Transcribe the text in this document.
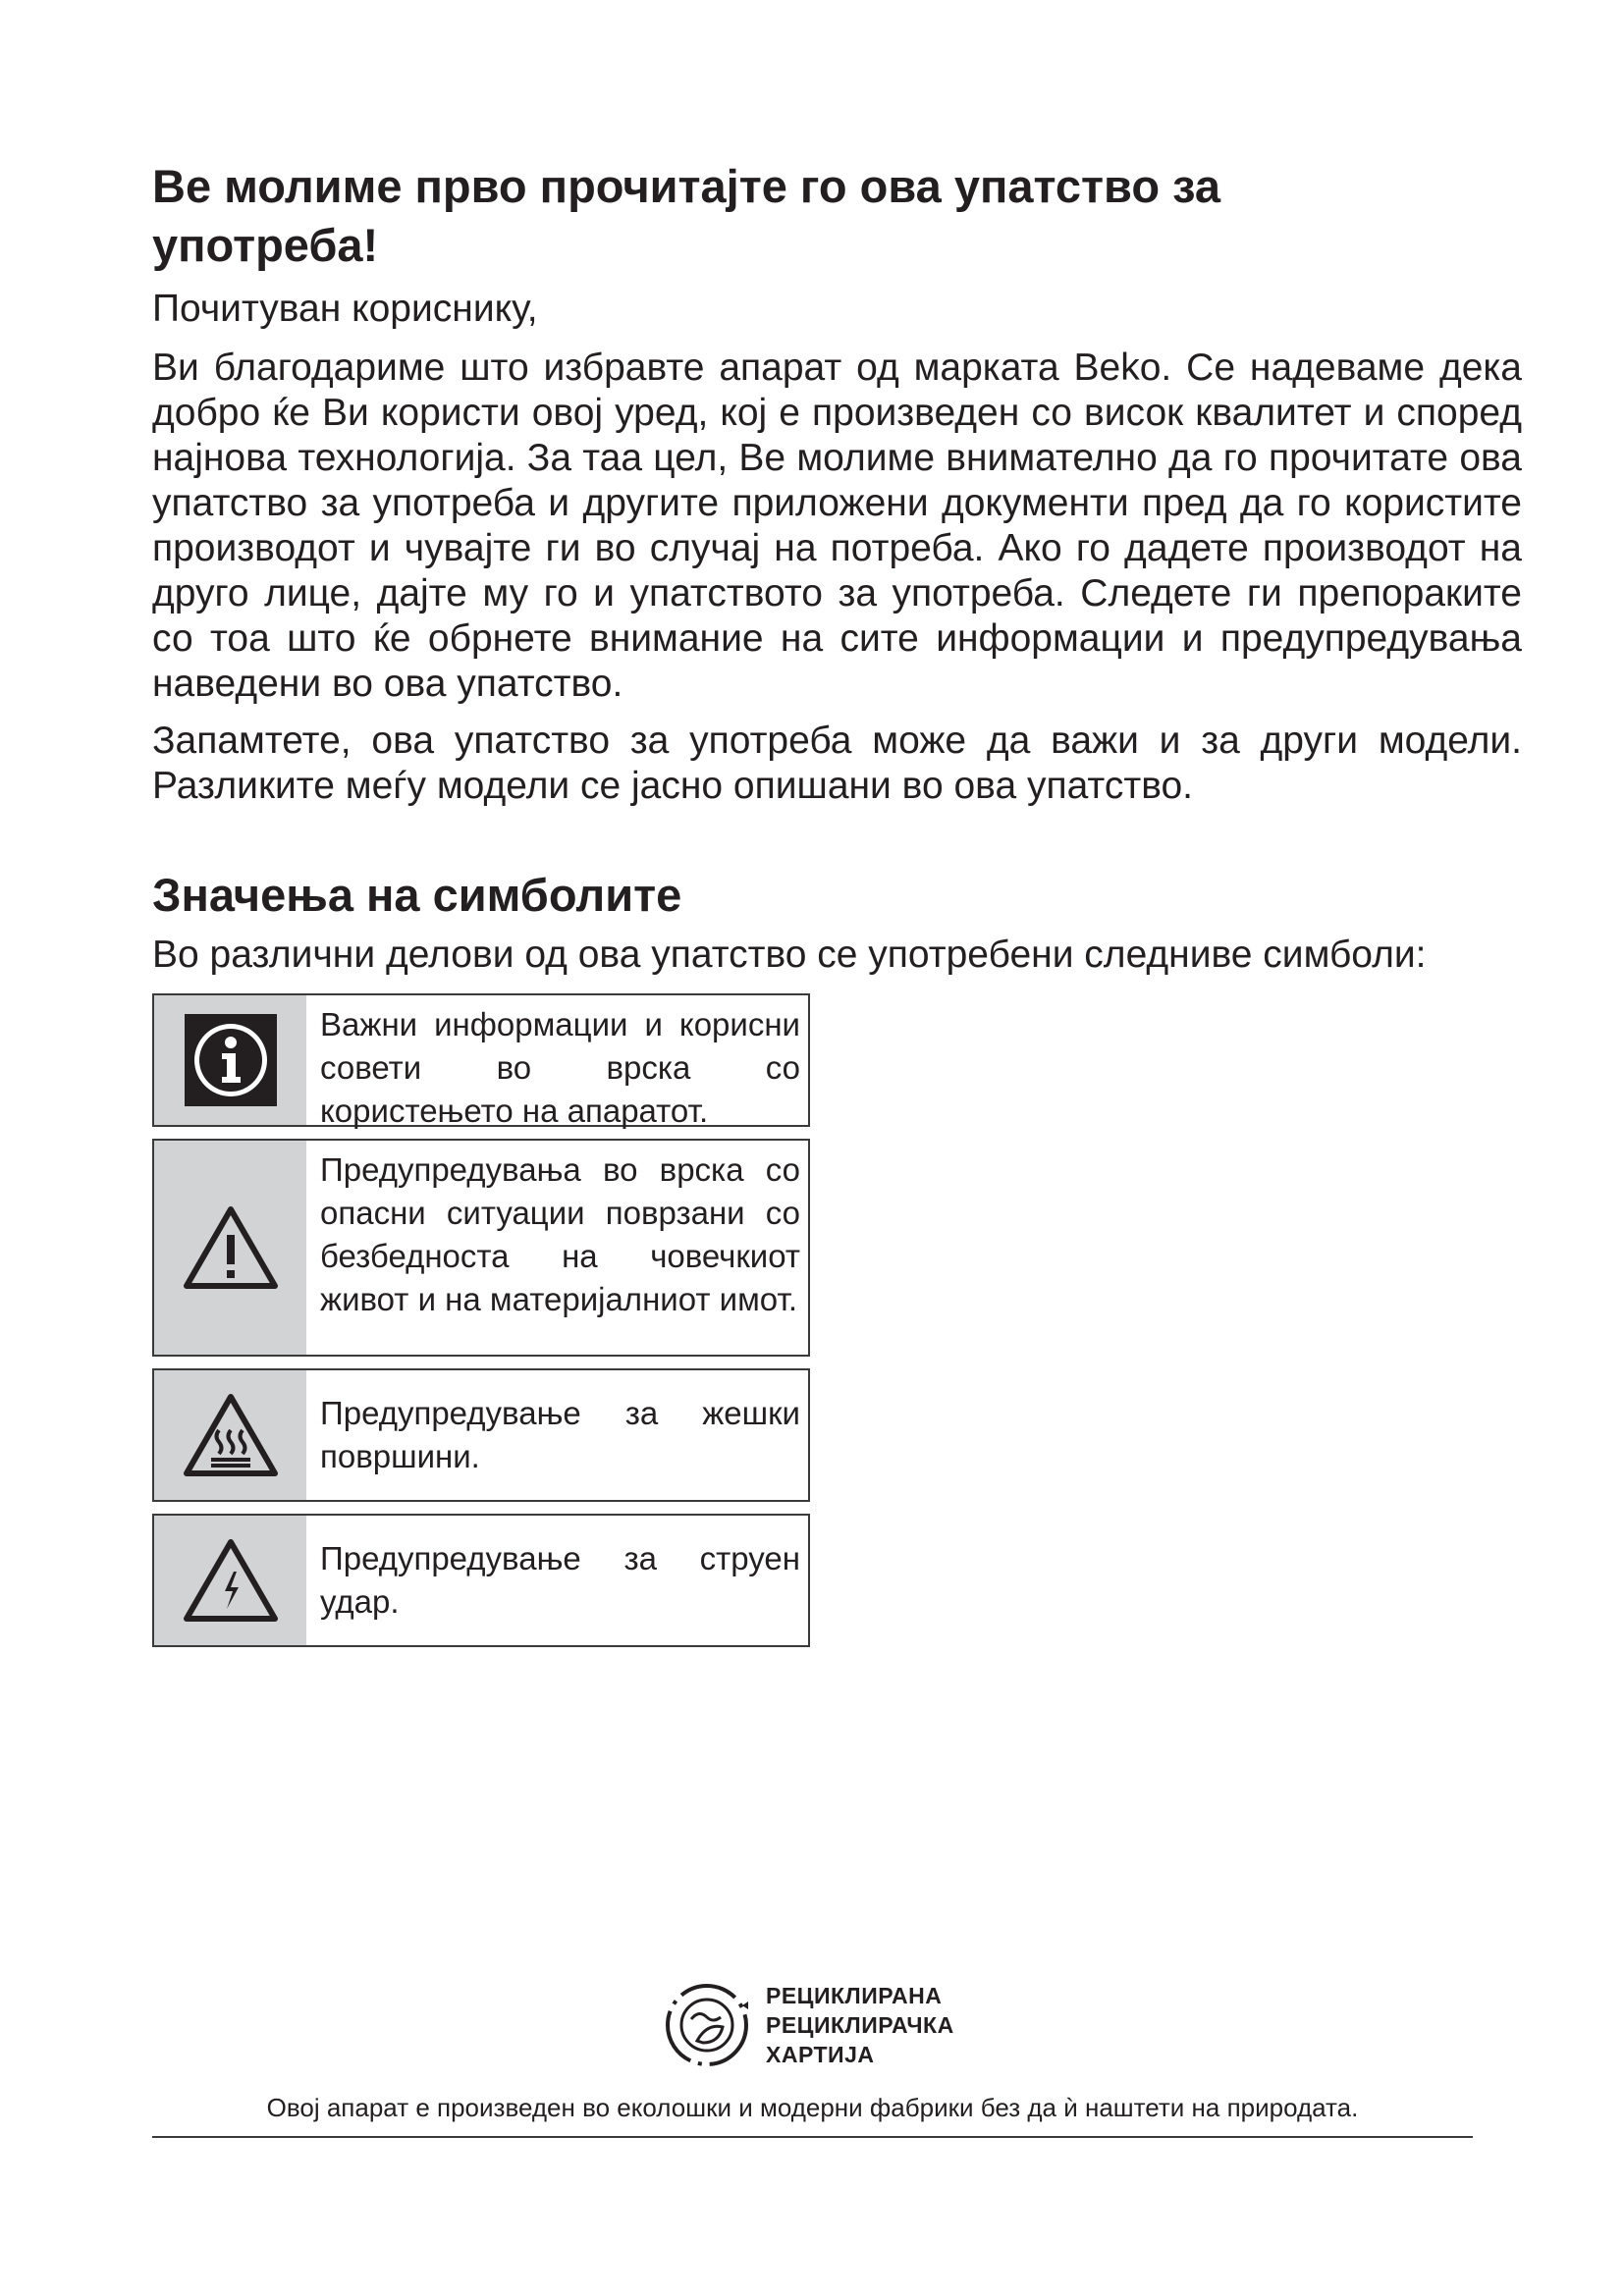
Ве молиме прво прочитајте го ова упатство за употреба!

Почитуван кориснику,

Ви благодариме што избравте апарат од марката Beko. Се надеваме дека добро ќе Ви користи овој уред, кој е произведен со висок квалитет и според најнова технологија. За таа цел, Ве молиме внимателно да го прочитате ова упатство за употреба и другите приложени документи пред да го користите производот и чувајте ги во случај на потреба. Ако го дадете производот на друго лице, дајте му го и упатството за употреба. Следете ги препораките со тоа што ќе обрнете внимание на сите информации и предупредувања наведени во ова упатство.

Запамтете, ова упатство за употреба може да важи и за други модели. Разликите меѓу модели се јасно опишани во ова упатство.

Значења на симболите

Во различни делови од ова упатство се употребени следниве симболи:

Важни информации и корисни совети во врска со користењето на апаратот.
Предупредувања во врска со опасни ситуации поврзани со безбедноста на човечкиот живот и на материјалниот имот.
Предупредување за жешки површини.
Предупредување за струен удар.
РЕЦИКЛИРАНА
РЕЦИКЛИРАЧКА
ХАРТИЈА
Овој апарат е произведен во еколошки и модерни фабрики без да ѝ наштети на природата.
